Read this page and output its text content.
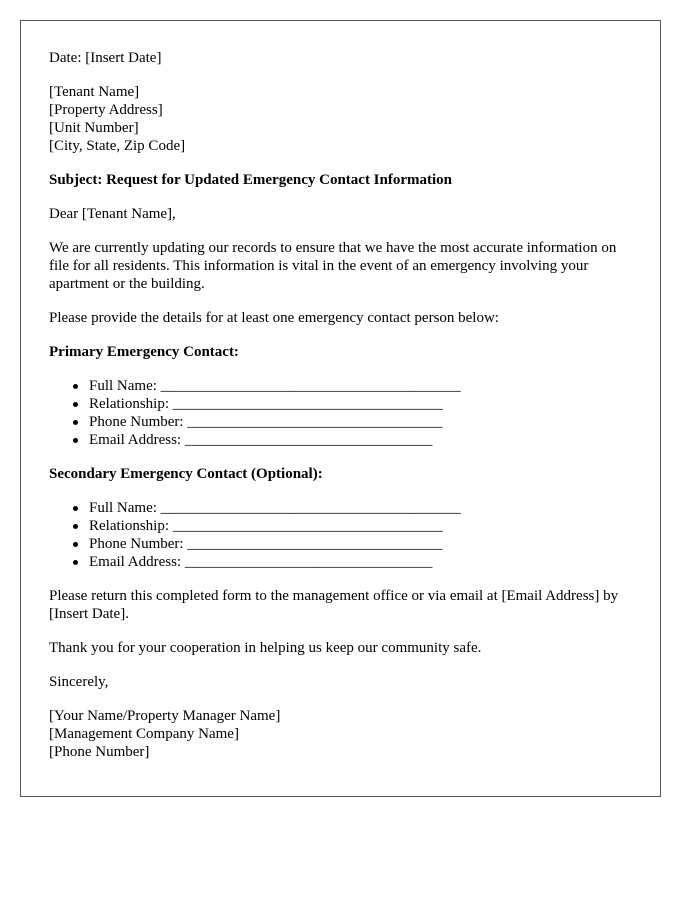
Date: [Insert Date]
[Tenant Name]
[Property Address]
[Unit Number]
[City, State, Zip Code]
Subject: Request for Updated Emergency Contact Information
Dear [Tenant Name],
We are currently updating our records to ensure that we have the most accurate information on file for all residents. This information is vital in the event of an emergency involving your apartment or the building.
Please provide the details for at least one emergency contact person below:
Primary Emergency Contact:
Full Name: ________________________________________
Relationship: ____________________________________
Phone Number: __________________________________
Email Address: _________________________________
Secondary Emergency Contact (Optional):
Full Name: ________________________________________
Relationship: ____________________________________
Phone Number: __________________________________
Email Address: _________________________________
Please return this completed form to the management office or via email at [Email Address] by [Insert Date].
Thank you for your cooperation in helping us keep our community safe.
Sincerely,
[Your Name/Property Manager Name]
[Management Company Name]
[Phone Number]
